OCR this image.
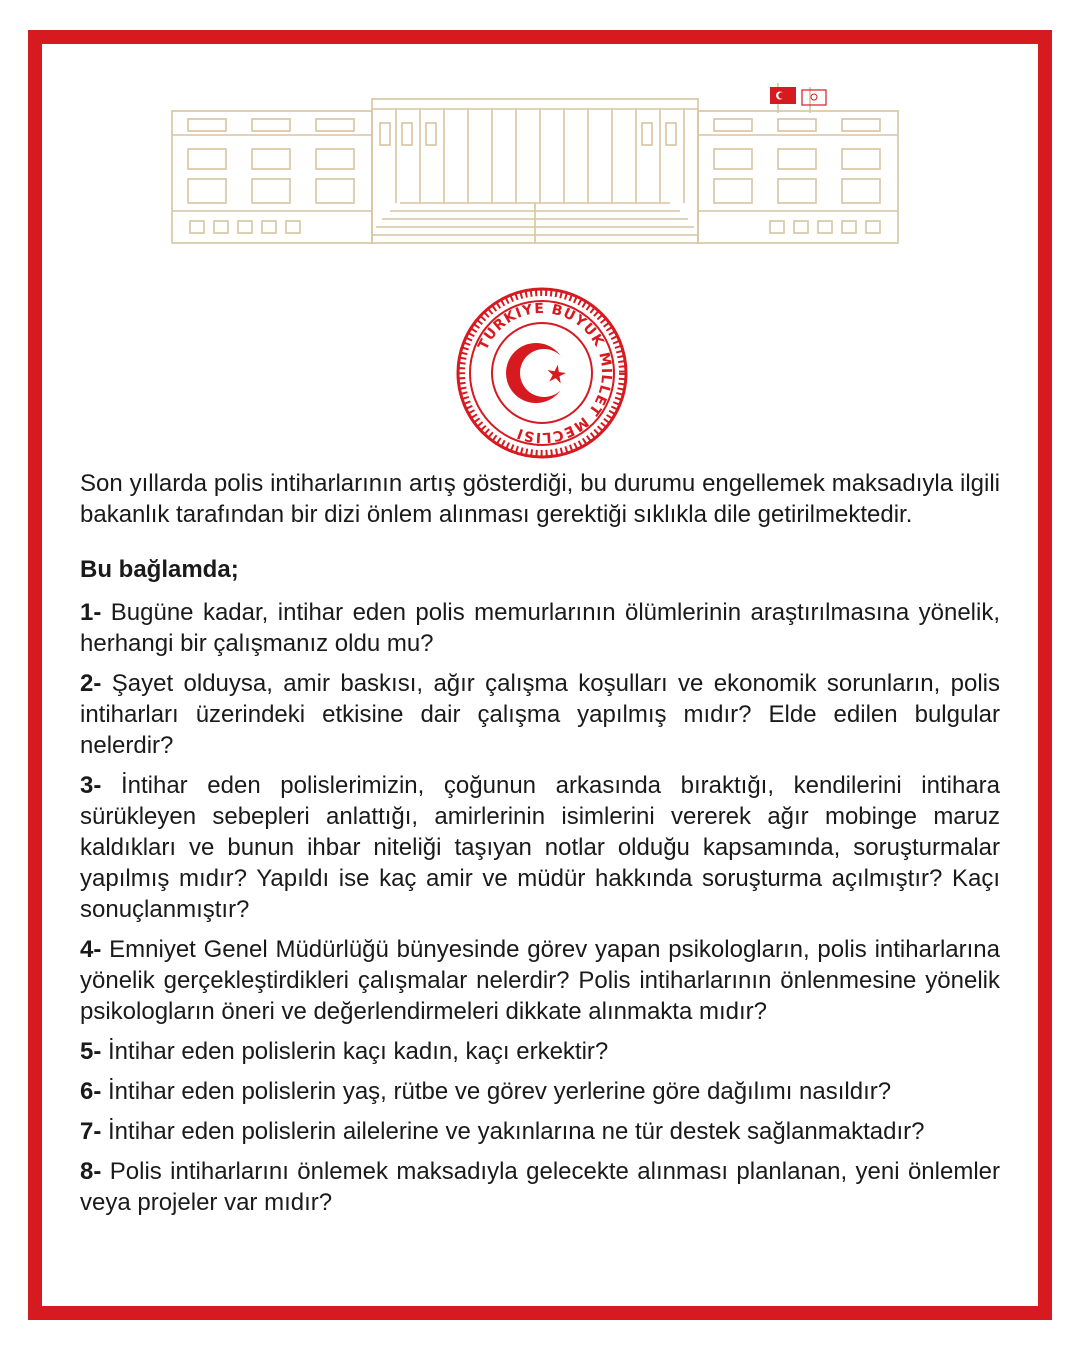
TÜRKİYE BÜYÜK MİLLET MECLİSİ

Son yıllarda polis intiharlarının artış gösterdiği, bu durumu engellemek maksadıyla ilgili bakanlık tarafından bir dizi önlem alınması gerektiği sıklıkla dile getirilmektedir.

Bu bağlamda;

1- Bugüne kadar, intihar eden polis memurlarının ölümlerinin araştırılmasına yönelik, herhangi bir çalışmanız oldu mu?

2- Şayet olduysa, amir baskısı, ağır çalışma koşulları ve ekonomik sorunların, polis intiharları üzerindeki etkisine dair çalışma yapılmış mıdır? Elde edilen bulgular nelerdir?

3- İntihar eden polislerimizin, çoğunun arkasında bıraktığı, kendilerini intihara sürükleyen sebepleri anlattığı, amirlerinin isimlerini vererek ağır mobinge maruz kaldıkları ve bunun ihbar niteliği taşıyan notlar olduğu kapsamında, soruşturmalar yapılmış mıdır? Yapıldı ise kaç amir ve müdür hakkında soruşturma açılmıştır? Kaçı sonuçlanmıştır?

4- Emniyet Genel Müdürlüğü bünyesinde görev yapan psikologların, polis intiharlarına yönelik gerçekleştirdikleri çalışmalar nelerdir? Polis intiharlarının önlenmesine yönelik psikologların öneri ve değerlendirmeleri dikkate alınmakta mıdır?

5- İntihar eden polislerin kaçı kadın, kaçı erkektir?

6- İntihar eden polislerin yaş, rütbe ve görev yerlerine göre dağılımı nasıldır?

7- İntihar eden polislerin ailelerine ve yakınlarına ne tür destek sağlanmaktadır?

8- Polis intiharlarını önlemek maksadıyla gelecekte alınması planlanan, yeni önlemler veya projeler var mıdır?
